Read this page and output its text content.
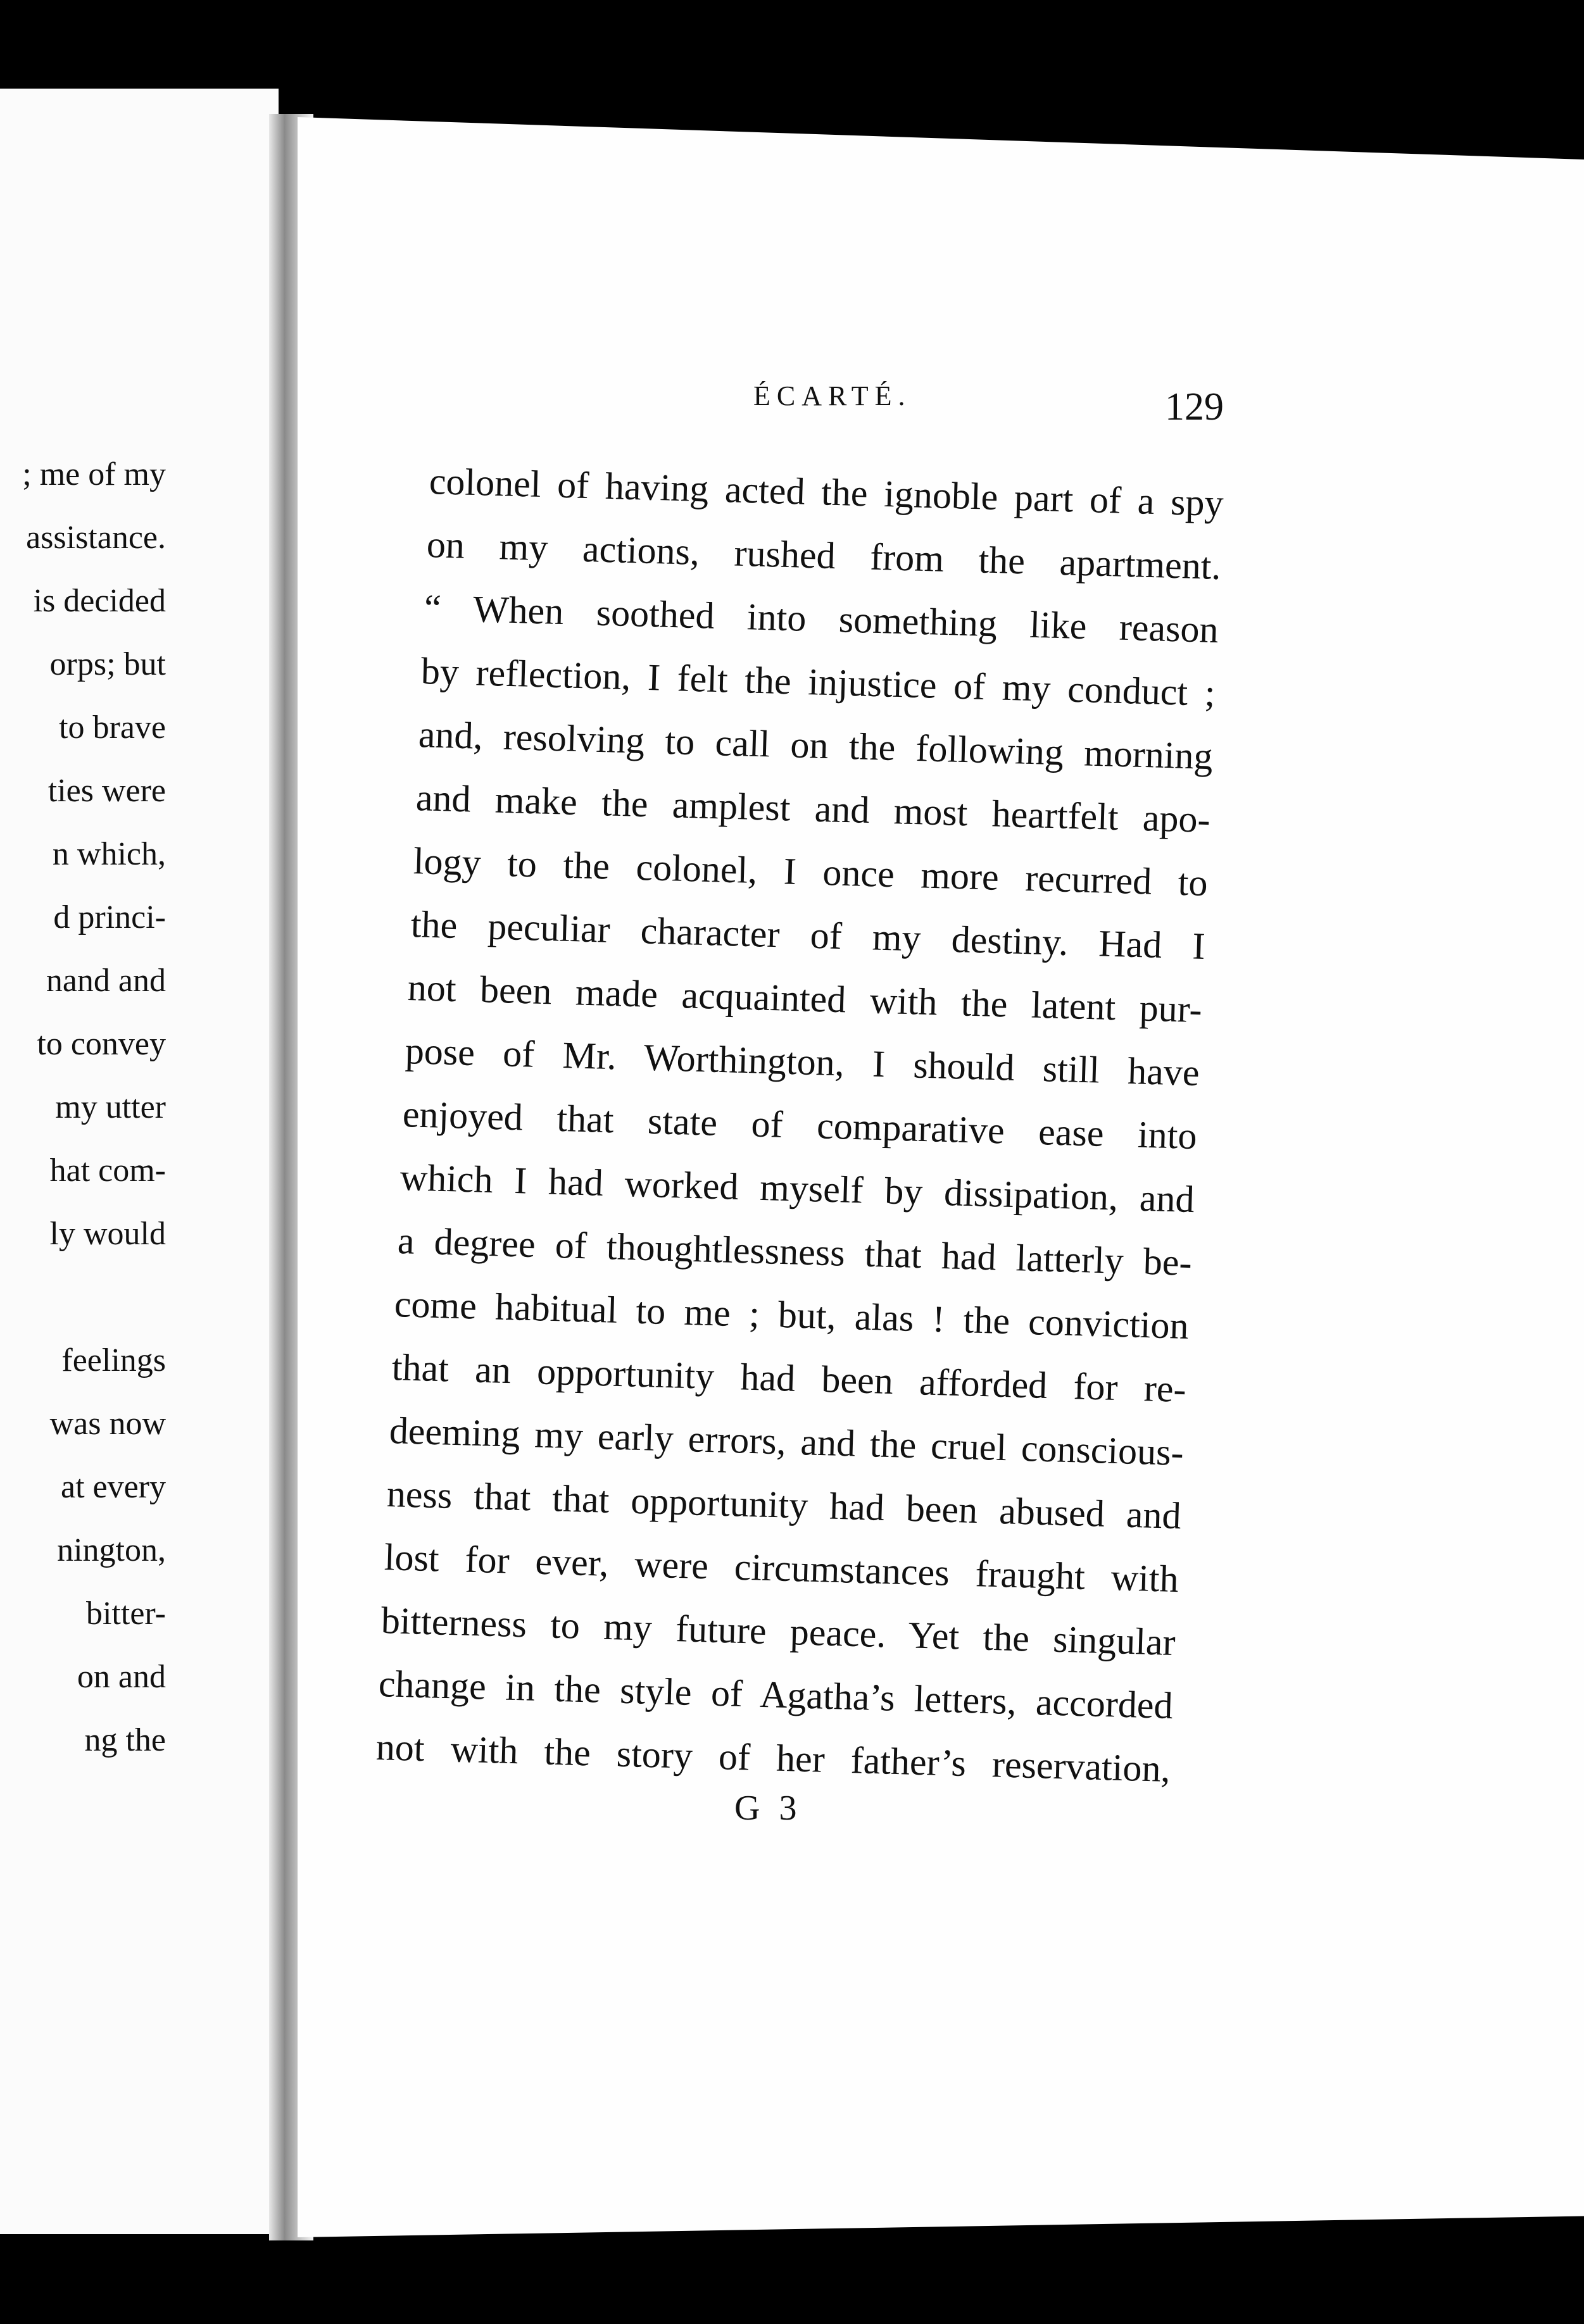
; me of my
assistance.
is decided
orps; but
to brave
ties were
n which,
d princi-
nand and
to convey
my utter
hat com-
ly would
feelings
was now
at every
nington,
bitter-
on and
ng the
ÉCARTÉ.	129
colonel of having acted the ignoble part of a spy
on my actions, rushed from the apartment.
“ When soothed into something like reason
by reflection, I felt the injustice of my conduct ;
and, resolving to call on the following morning
and make the amplest and most heartfelt apo-
logy to the colonel, I once more recurred to
the peculiar character of my destiny. Had I
not been made acquainted with the latent pur-
pose of Mr. Worthington, I should still have
enjoyed that state of comparative ease into
which I had worked myself by dissipation, and
a degree of thoughtlessness that had latterly be-
come habitual to me ; but, alas ! the conviction
that an opportunity had been afforded for re-
deeming my early errors, and the cruel conscious-
ness that that opportunity had been abused and
lost for ever, were circumstances fraught with
bitterness to my future peace. Yet the singular
change in the style of Agatha’s letters, accorded
not with the story of her father’s reservation,
G 3
